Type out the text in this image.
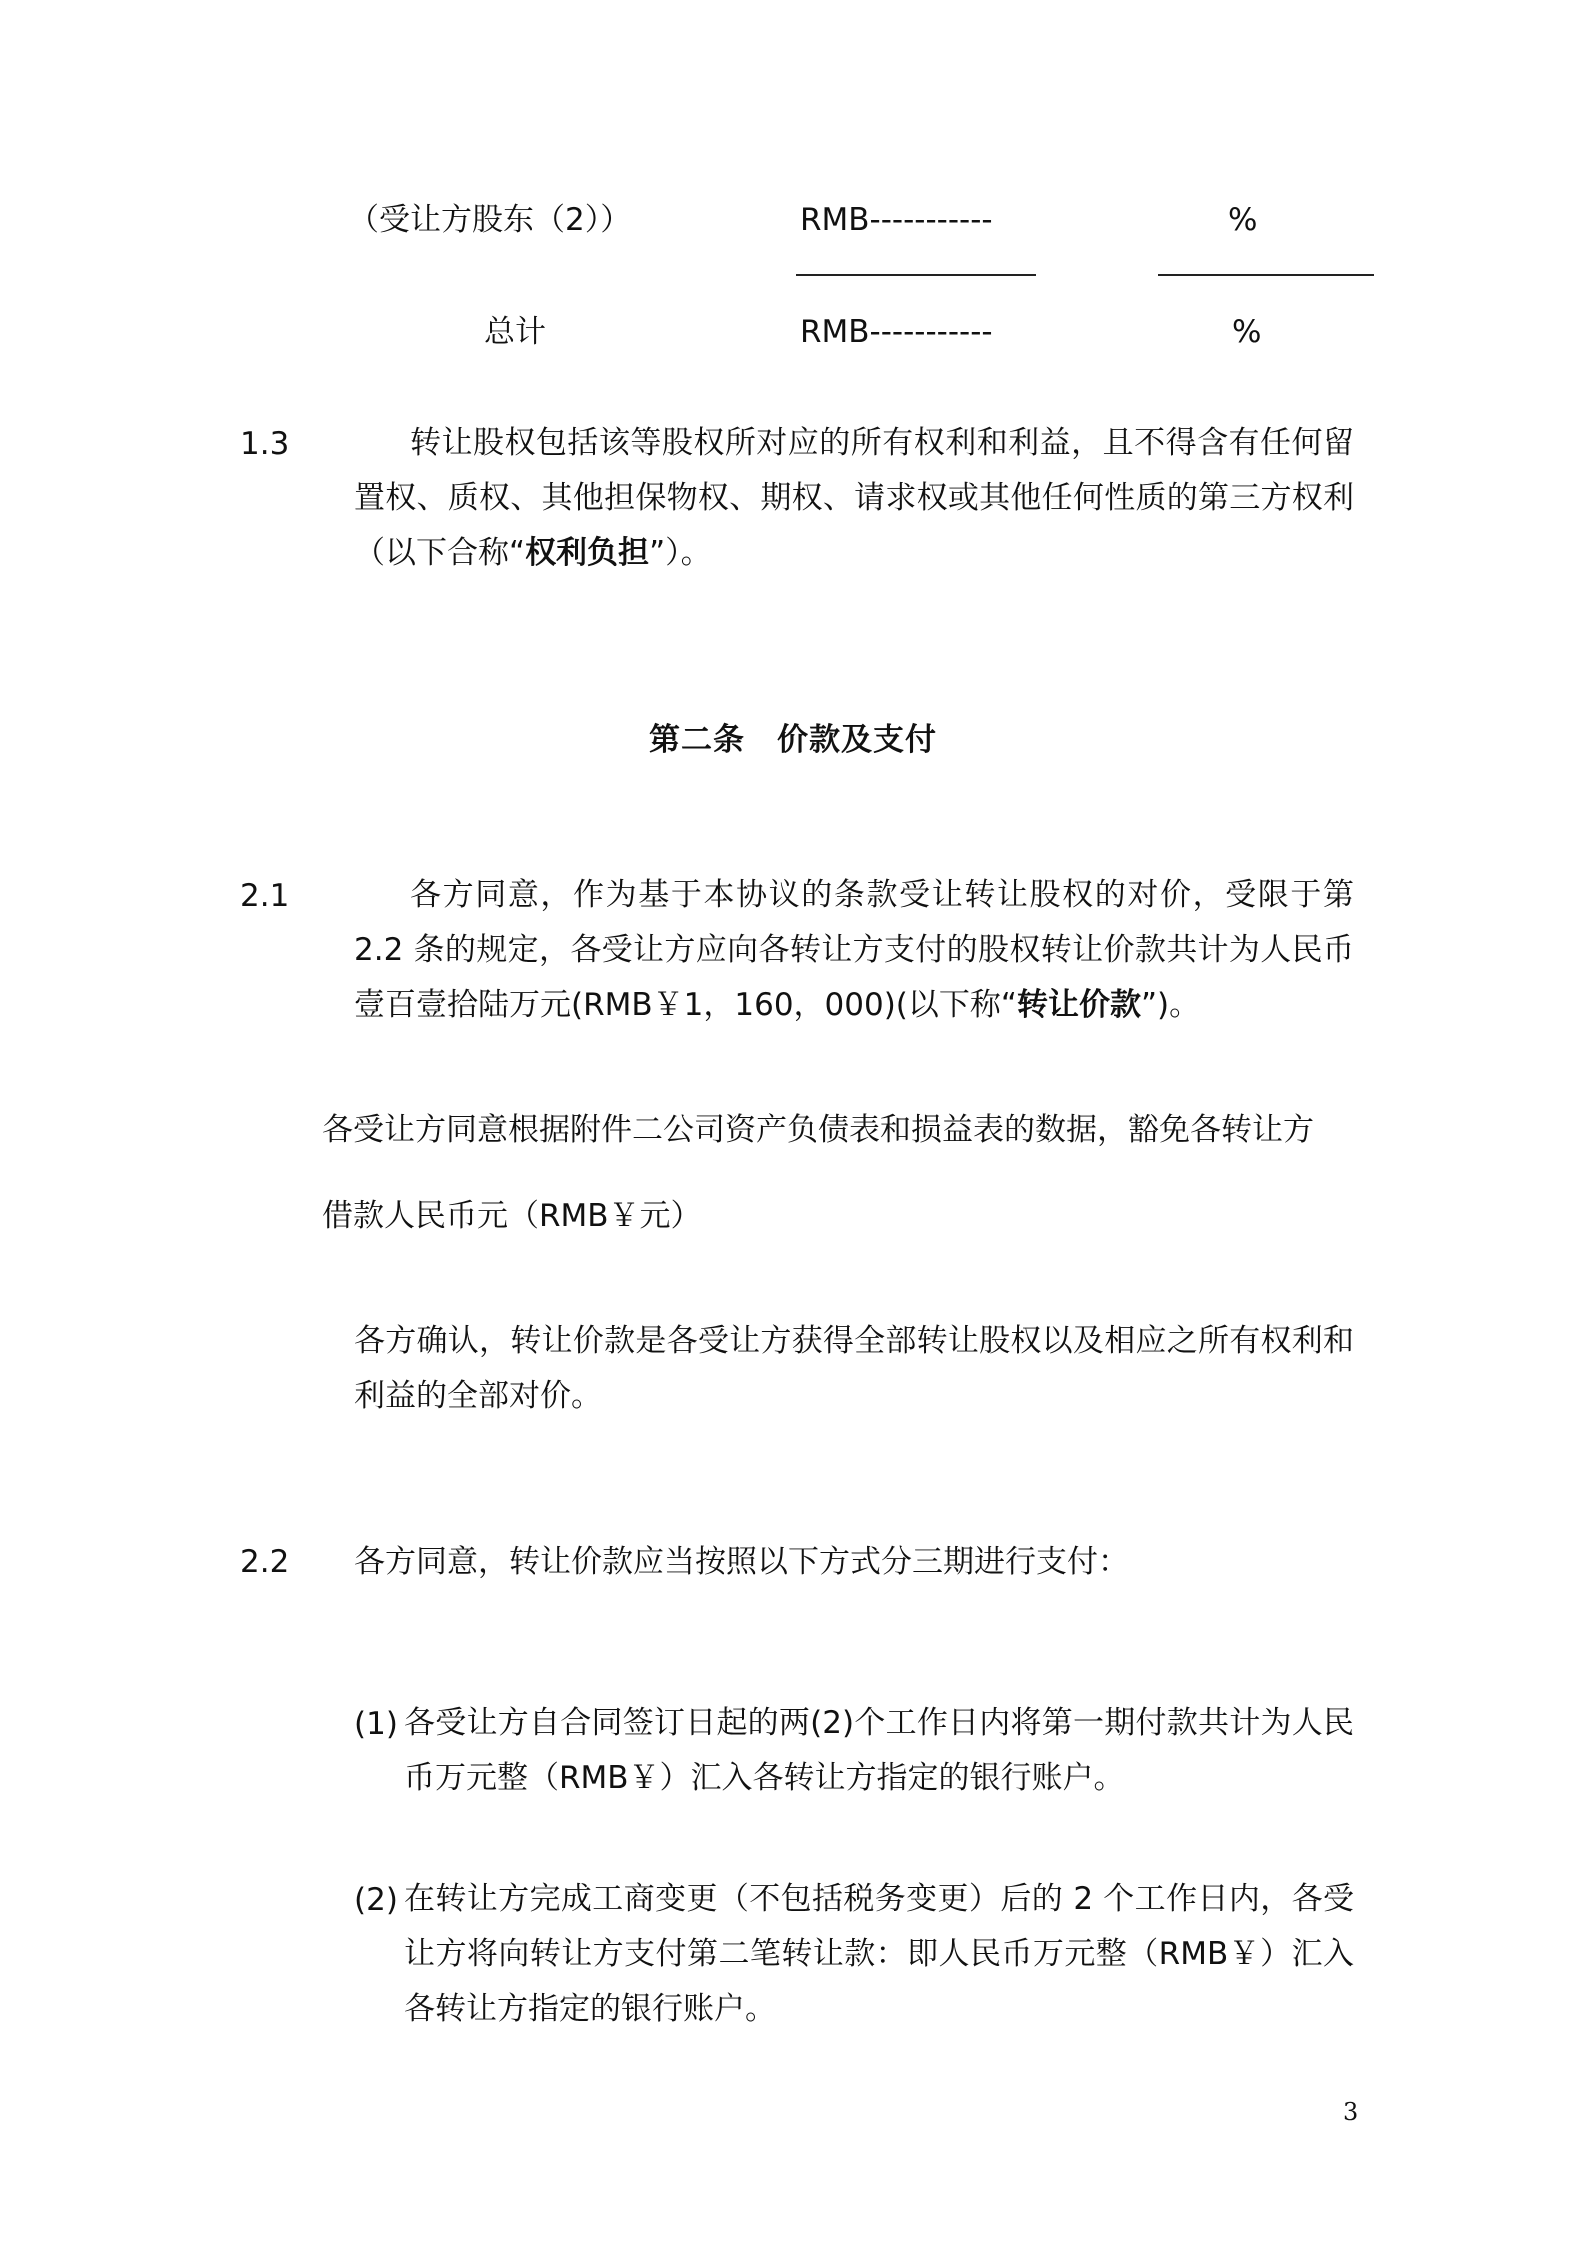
（受让方股东（2））	RMB-----------	%
总计	RMB-----------	%
1.3	转让股权包括该等股权所对应的所有权利和利益，且不得含有任何留置权、质权、其他担保物权、期权、请求权或其他任何性质的第三方权利（以下合称“权利负担”）。
第二条 价款及支付
2.1	各方同意，作为基于本协议的条款受让转让股权的对价，受限于第 2.2 条的规定，各受让方应向各转让方支付的股权转让价款共计为人民币壹百壹拾陆万元(RMB￥1，160，000)(以下称“转让价款”)。
各受让方同意根据附件二公司资产负债表和损益表的数据，豁免各转让方
借款人民币元（RMB￥元）
各方确认，转让价款是各受让方获得全部转让股权以及相应之所有权利和利益的全部对价。
2.2 各方同意，转让价款应当按照以下方式分三期进行支付：
(1) 各受让方自合同签订日起的两(2)个工作日内将第一期付款共计为人民币万元整（RMB￥）汇入各转让方指定的银行账户。
(2) 在转让方完成工商变更（不包括税务变更）后的 2 个工作日内，各受让方将向转让方支付第二笔转让款：即人民币万元整（RMB￥）汇入各转让方指定的银行账户。
3
